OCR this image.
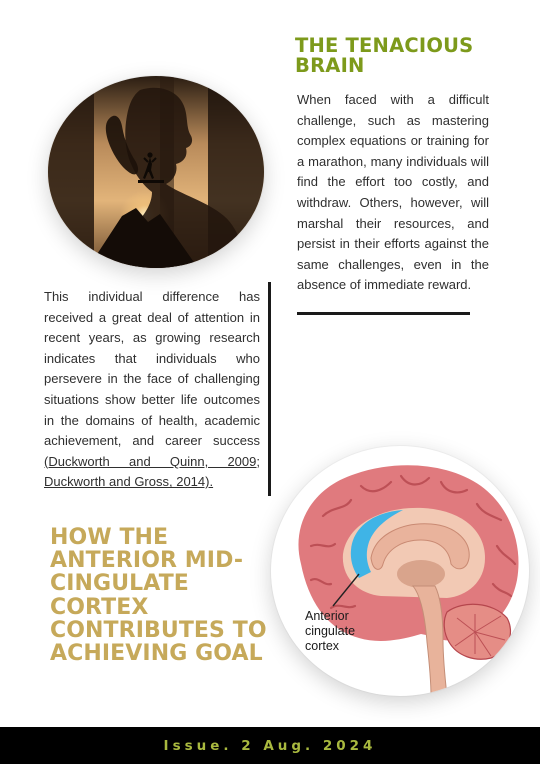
THE TENACIOUS BRAIN

When faced with a difficult challenge, such as mastering complex equations or training for a marathon, many individuals will find the effort too costly, and withdraw. Others, however, will marshal their resources, and persist in their efforts against the same challenges, even in the absence of immediate reward.

This individual difference has received a great deal of attention in recent years, as growing research indicates that individuals who persevere in the face of challenging situations show better life outcomes in the domains of health, academic achievement, and career success (Duckworth and Quinn, 2009; Duckworth and Gross, 2014).

HOW THE ANTERIOR MID-CINGULATE CORTEX CONTRIBUTES TO ACHIEVING GOAL
Anterior
cingulate
cortex
Issue. 2 Aug. 2024
